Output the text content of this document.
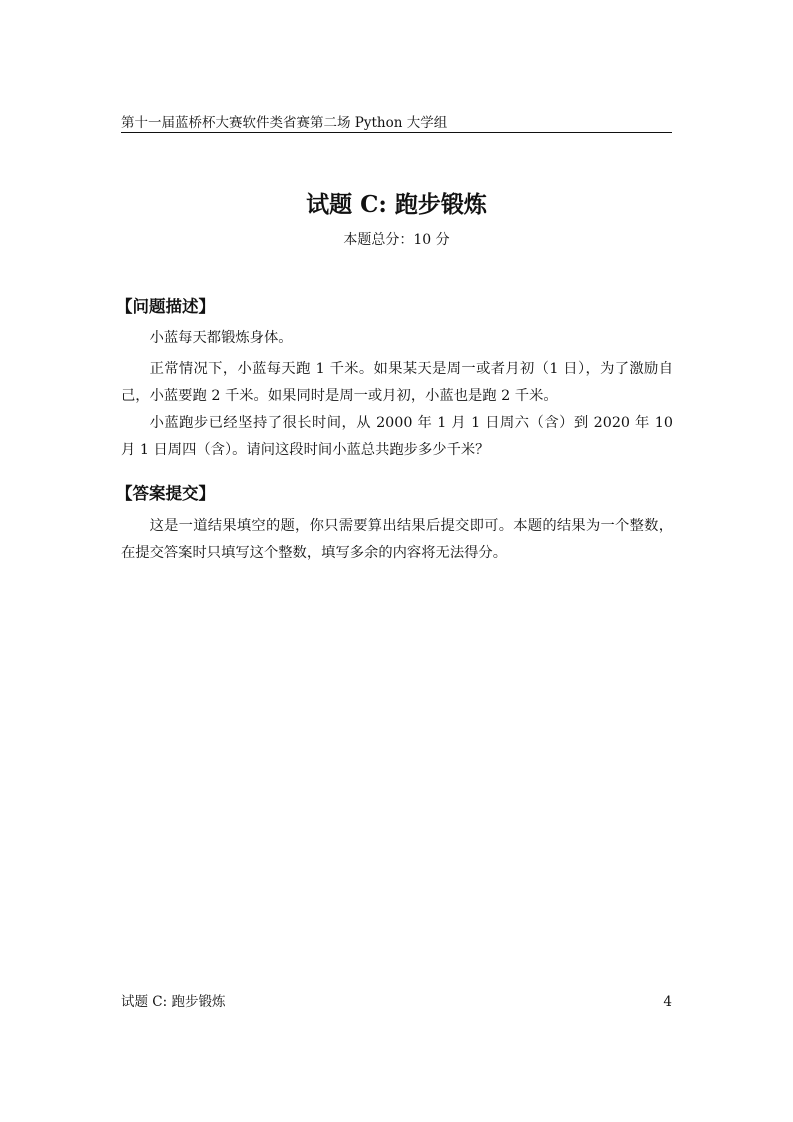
第十一届蓝桥杯大赛软件类省赛第二场 Python 大学组
试题 C: 跑步锻炼
本题总分：10 分
【问题描述】

小蓝每天都锻炼身体。

正常情况下，小蓝每天跑 1 千米。如果某天是周一或者月初（1 日），为了激励自己，小蓝要跑 2 千米。如果同时是周一或月初，小蓝也是跑 2 千米。

小蓝跑步已经坚持了很长时间，从 2000 年 1 月 1 日周六（含）到 2020 年 10 月 1 日周四（含）。请问这段时间小蓝总共跑步多少千米？

【答案提交】

这是一道结果填空的题，你只需要算出结果后提交即可。本题的结果为一个整数，在提交答案时只填写这个整数，填写多余的内容将无法得分。

试题 C: 跑步锻炼	4
